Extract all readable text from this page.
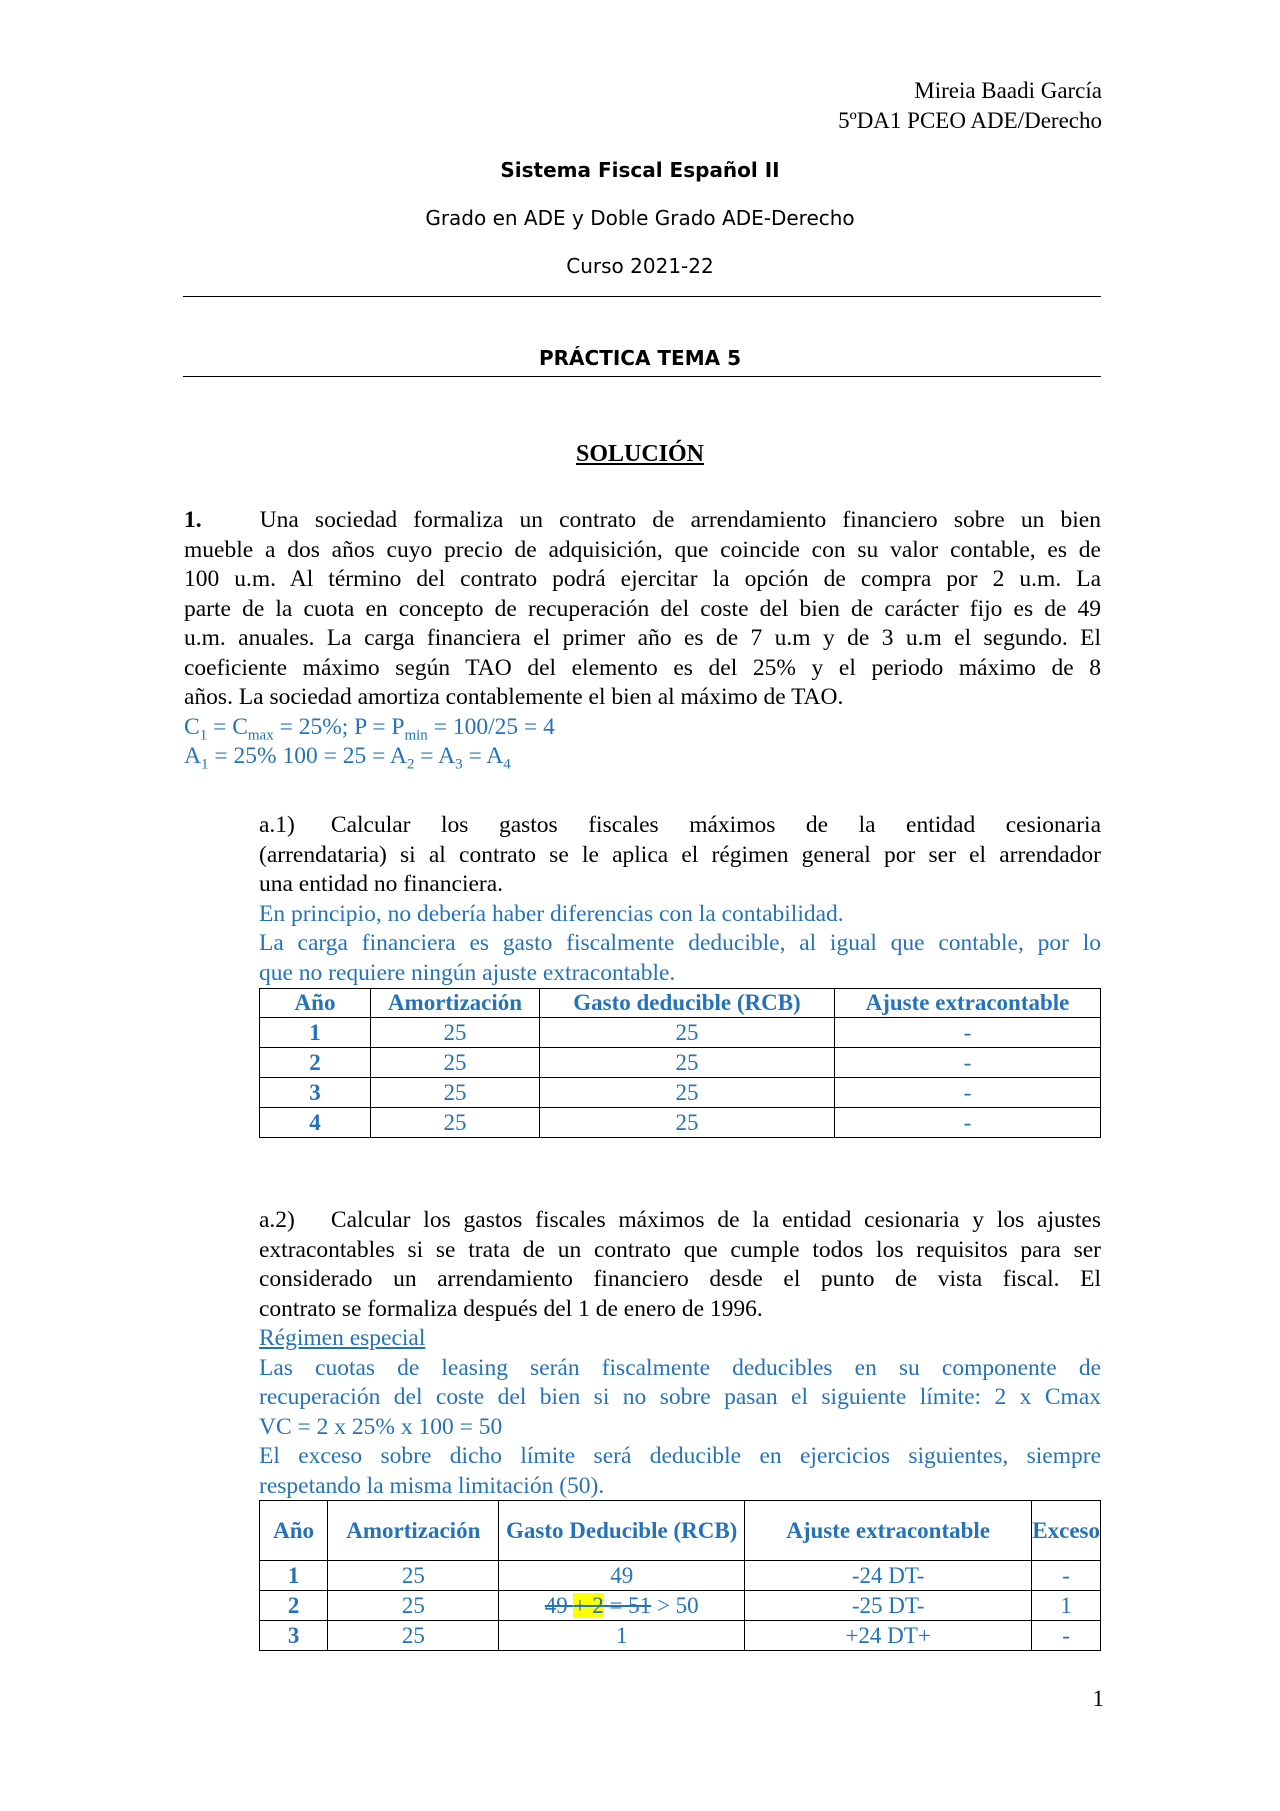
Mireia Baadi García
5ºDA1 PCEO ADE/Derecho
Sistema Fiscal Español II
Grado en ADE y Doble Grado ADE-Derecho
Curso 2021-22
PRÁCTICA TEMA 5
SOLUCIÓN
1. Una sociedad formaliza un contrato de arrendamiento financiero sobre un bien
mueble a dos años cuyo precio de adquisición, que coincide con su valor contable, es de
100 u.m. Al término del contrato podrá ejercitar la opción de compra por 2 u.m. La
parte de la cuota en concepto de recuperación del coste del bien de carácter fijo es de 49
u.m. anuales. La carga financiera el primer año es de 7 u.m y de 3 u.m el segundo. El
coeficiente máximo según TAO del elemento es del 25% y el periodo máximo de 8
años. La sociedad amortiza contablemente el bien al máximo de TAO.
$C_1 = C_{max} = 25\%$; $P = P_{min} = 100/25 = 4$
$A_1 = 25\%$ $100 = 25 = A_2 = A_3 = A_4$
a.1) Calcular los gastos fiscales máximos de la entidad cesionaria
(arrendataria) si al contrato se le aplica el régimen general por ser el arrendador
una entidad no financiera.
En principio, no debería haber diferencias con la contabilidad.
La carga financiera es gasto fiscalmente deducible, al igual que contable, por lo
que no requiere ningún ajuste extracontable.
Año	Amortización	Gasto deducible (RCB)	Ajuste extracontable
1	25	25	-
2	25	25	-
3	25	25	-
4	25	25	-
a.2) Calcular los gastos fiscales máximos de la entidad cesionaria y los ajustes
extracontables si se trata de un contrato que cumple todos los requisitos para ser
considerado un arrendamiento financiero desde el punto de vista fiscal. El
contrato se formaliza después del 1 de enero de 1996.
Régimen especial
Las cuotas de leasing serán fiscalmente deducibles en su componente de
recuperación del coste del bien si no sobre pasan el siguiente límite: 2 x Cmax
VC = 2 x 25% x 100 = 50
El exceso sobre dicho límite será deducible en ejercicios siguientes, siempre
respetando la misma limitación (50).
Año	Amortización	Gasto Deducible (RCB)	Ajuste extracontable	Exceso
1	25	49	-24 DT-	-
2	25	49 + 2 = 51 > 50	-25 DT-	1
3	25	1	+24 DT+	-
1
